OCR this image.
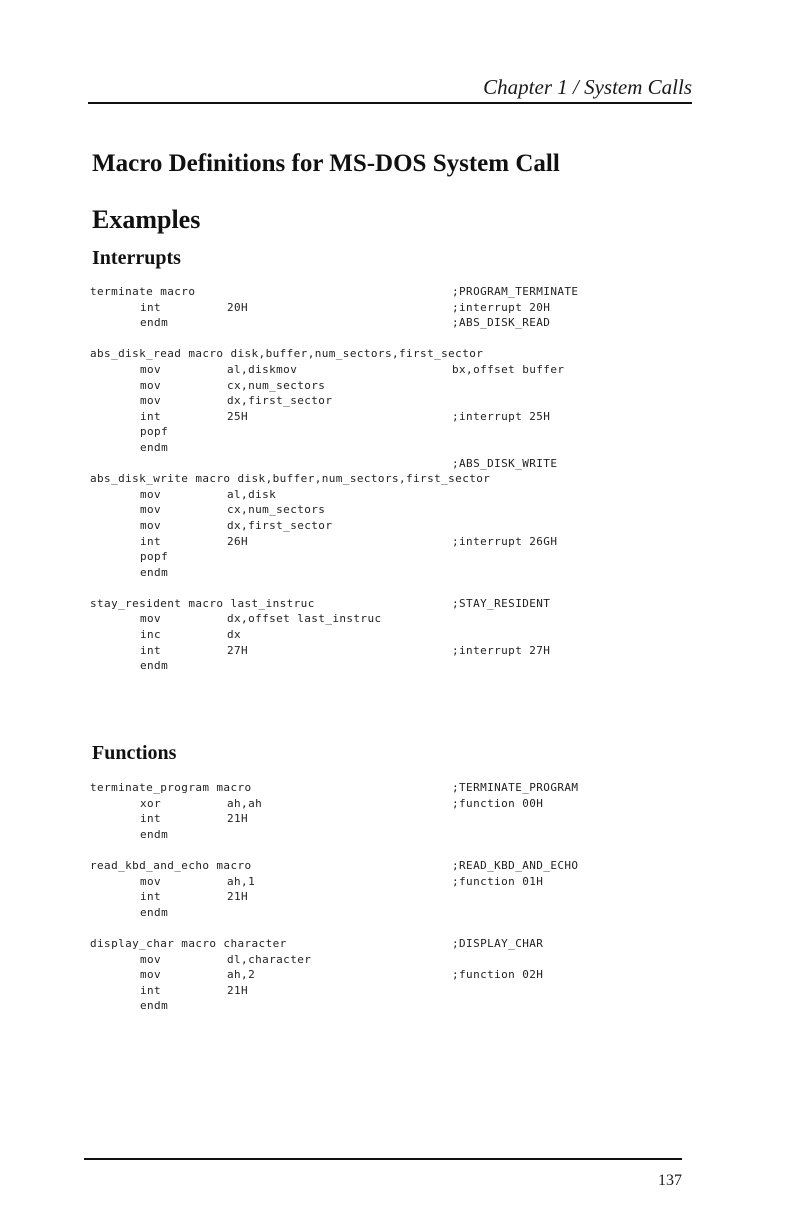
Chapter 1 / System Calls
Macro Definitions for MS-DOS System Call
Examples
Interrupts
terminate macro	;PROGRAM_TERMINATE
int	20H	;interrupt 20H
endm	;ABS_DISK_READ
abs_disk_read macro disk,buffer,num_sectors,first_sector
mov	al,diskmov	bx,offset buffer
mov	cx,num_sectors
mov	dx,first_sector
int	25H	;interrupt 25H
popf
endm
;ABS_DISK_WRITE
abs_disk_write macro disk,buffer,num_sectors,first_sector
mov	al,disk
mov	cx,num_sectors
mov	dx,first_sector
int	26H	;interrupt 26GH
popf
endm
stay_resident macro last_instruc	;STAY_RESIDENT
mov	dx,offset last_instruc
inc	dx
int	27H	;interrupt 27H
endm
Functions
terminate_program macro	;TERMINATE_PROGRAM
xor	ah,ah	;function 00H
int	21H
endm
read_kbd_and_echo macro	;READ_KBD_AND_ECHO
mov	ah,1	;function 01H
int	21H
endm
display_char macro character	;DISPLAY_CHAR
mov	dl,character
mov	ah,2	;function 02H
int	21H
endm
137
